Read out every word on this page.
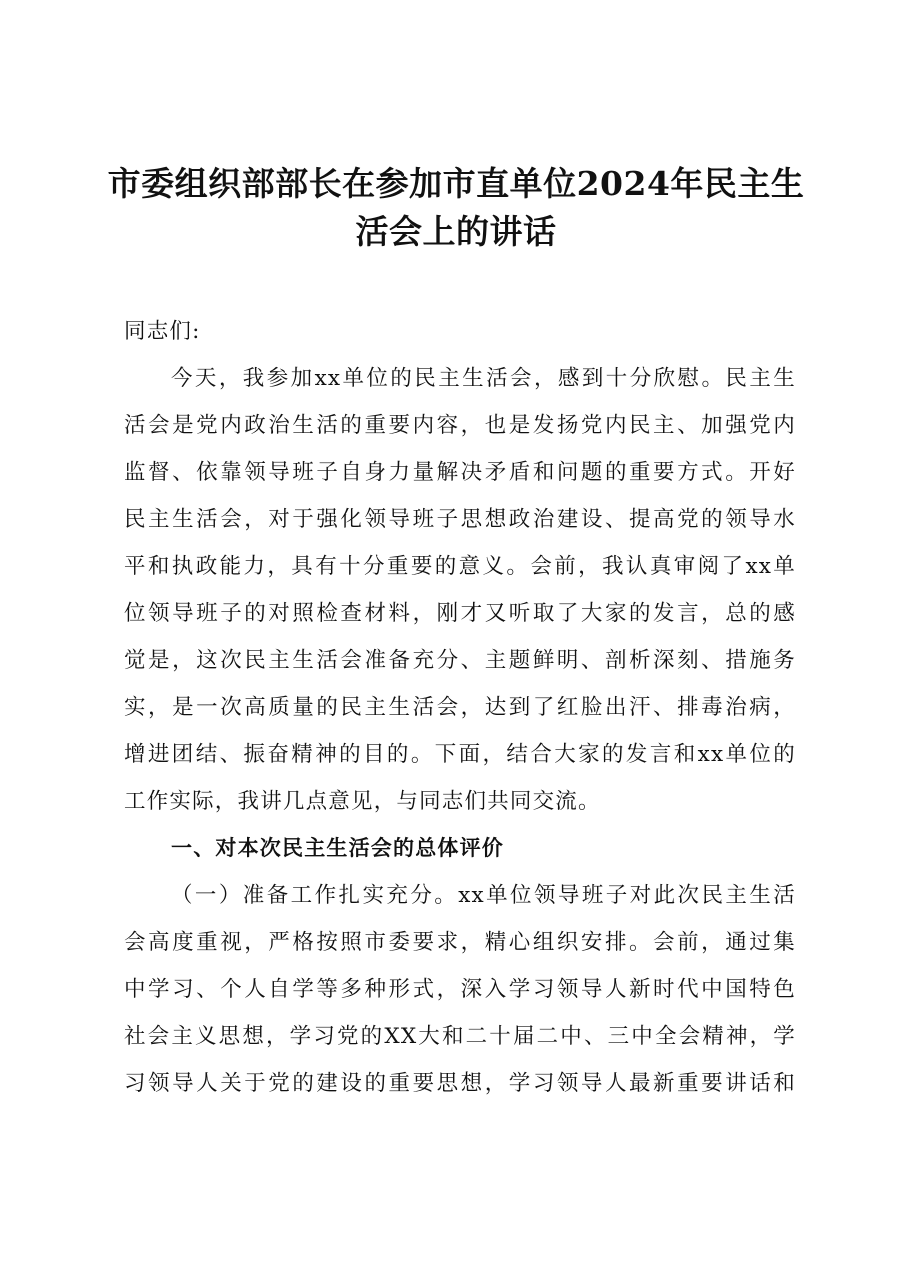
市委组织部部长在参加市直单位2024年民主生
活会上的讲话
同志们:
今天，我参加xx单位的民主生活会，感到十分欣慰。民主生
活会是党内政治生活的重要内容，也是发扬党内民主、加强党内
监督、依靠领导班子自身力量解决矛盾和问题的重要方式。开好
民主生活会，对于强化领导班子思想政治建设、提高党的领导水
平和执政能力，具有十分重要的意义。会前，我认真审阅了xx单
位领导班子的对照检查材料，刚才又听取了大家的发言，总的感
觉是，这次民主生活会准备充分、主题鲜明、剖析深刻、措施务
实，是一次高质量的民主生活会，达到了红脸出汗、排毒治病，
增进团结、振奋精神的目的。下面，结合大家的发言和xx单位的
工作实际，我讲几点意见，与同志们共同交流。
一、对本次民主生活会的总体评价
（一）准备工作扎实充分。xx单位领导班子对此次民主生活
会高度重视，严格按照市委要求，精心组织安排。会前，通过集
中学习、个人自学等多种形式，深入学习领导人新时代中国特色
社会主义思想，学习党的XX大和二十届二中、三中全会精神，学
习领导人关于党的建设的重要思想，学习领导人最新重要讲话和
